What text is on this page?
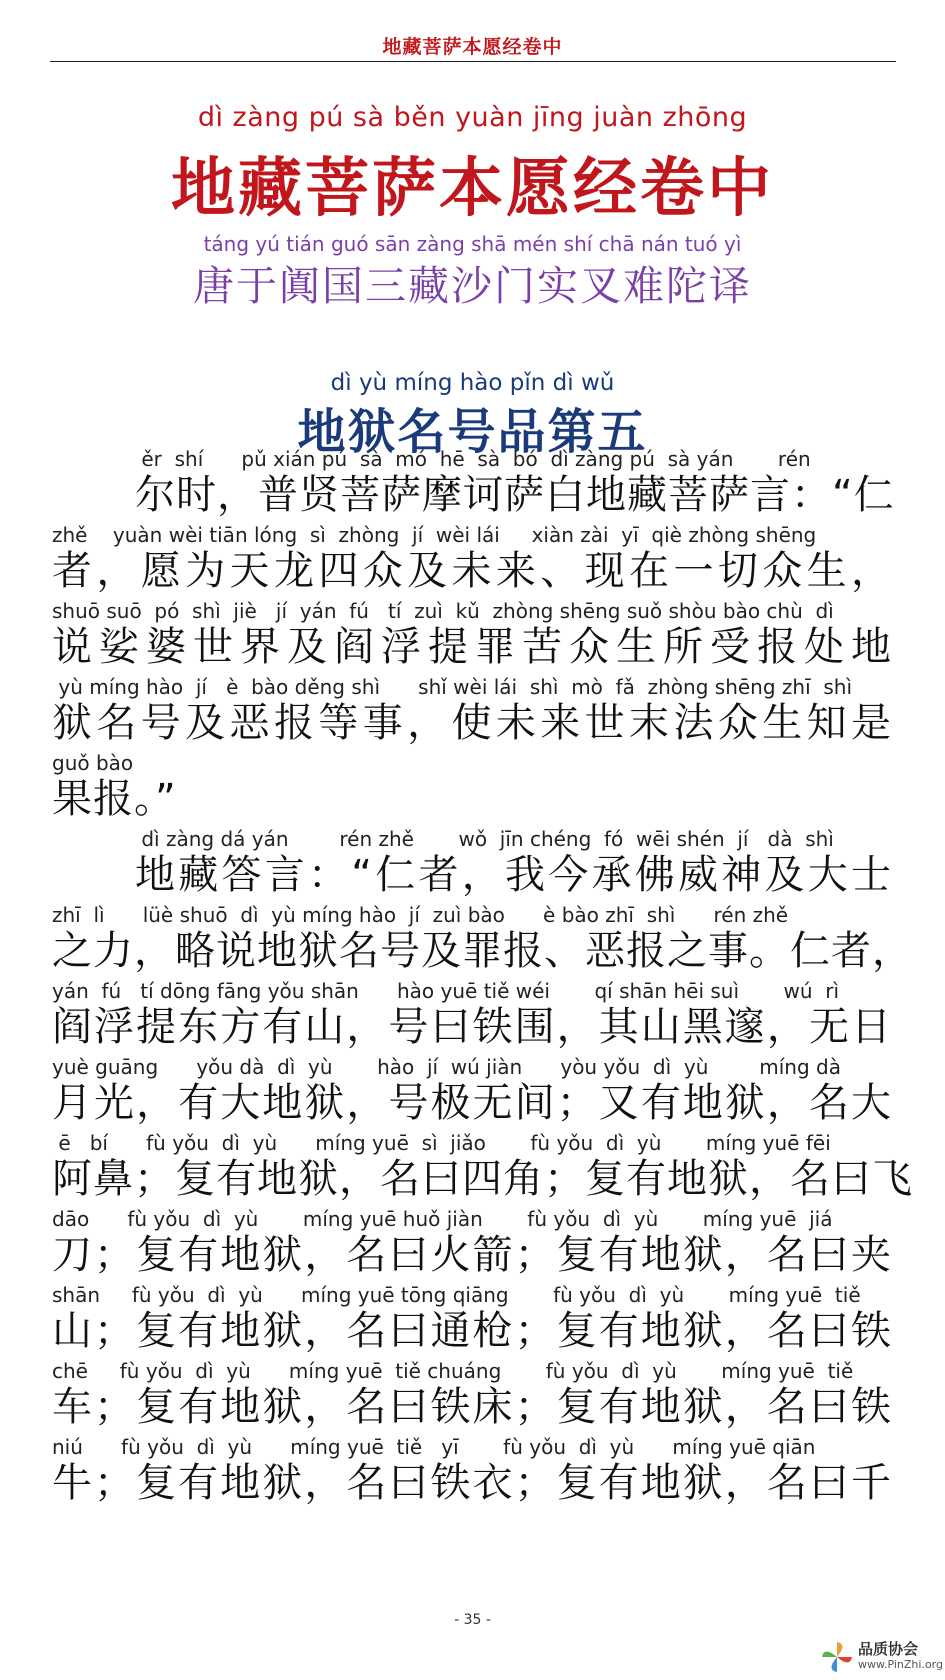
地藏菩萨本愿经卷中
dì zàng pú sà běn yuàn jīng juàn zhōng
地藏菩萨本愿经卷中
táng yú tián guó sān zàng shā mén shí chā nán tuó yì
唐于阗国三藏沙门实叉难陀译
dì yù míng hào pǐn dì wǔ
地狱名号品第五
ěr  shí      pǔ xián pú  sà  mó  hē  sà  bó  dì zàng pú  sà yán       rén
尔时，普贤菩萨摩诃萨白地藏菩萨言：“仁
zhě    yuàn wèi tiān lóng  sì  zhòng  jí  wèi lái     xiàn zài  yī  qiè zhòng shēng
者，愿为天龙四众及未来、现在一切众生，
shuō suō  pó  shì  jiè   jí  yán  fú   tí  zuì  kǔ  zhòng shēng suǒ shòu bào chù  dì
说娑婆世界及阎浮提罪苦众生所受报处地
yù míng hào  jí   è  bào děng shì      shǐ wèi lái  shì  mò  fǎ  zhòng shēng zhī  shì
狱名号及恶报等事，使未来世末法众生知是
guǒ bào
果报。”
dì zàng dá yán        rén zhě       wǒ  jīn chéng  fó  wēi shén  jí   dà  shì
地藏答言：“仁者，我今承佛威神及大士
zhī  lì      lüè shuō  dì  yù míng hào  jí  zuì bào      è bào zhī  shì      rén zhě
之力，略说地狱名号及罪报、恶报之事。仁者，
yán  fú   tí dōng fāng yǒu shān      hào yuē tiě wéi       qí shān hēi suì       wú  rì
阎浮提东方有山，号曰铁围，其山黑邃，无日
yuè guāng      yǒu dà  dì  yù       hào  jí  wú jiàn      yòu yǒu  dì  yù        míng dà
月光，有大地狱，号极无间；又有地狱，名大
ē   bí      fù yǒu  dì  yù      míng yuē  sì  jiǎo       fù yǒu  dì  yù       míng yuē fēi
阿鼻；复有地狱，名曰四角；复有地狱，名曰飞
dāo      fù yǒu  dì  yù       míng yuē huǒ jiàn       fù yǒu  dì  yù       míng yuē  jiá
刀；复有地狱，名曰火箭；复有地狱，名曰夹
shān     fù yǒu  dì  yù      míng yuē tōng qiāng       fù yǒu  dì  yù       míng yuē  tiě
山；复有地狱，名曰通枪；复有地狱，名曰铁
chē     fù yǒu  dì  yù      míng yuē  tiě chuáng       fù yǒu  dì  yù       míng yuē  tiě
车；复有地狱，名曰铁床；复有地狱，名曰铁
niú      fù yǒu  dì  yù      míng yuē  tiě   yī       fù yǒu  dì  yù      míng yuē qiān
牛；复有地狱，名曰铁衣；复有地狱，名曰千
- 35 -
品质协会
www.PinZhi.org
